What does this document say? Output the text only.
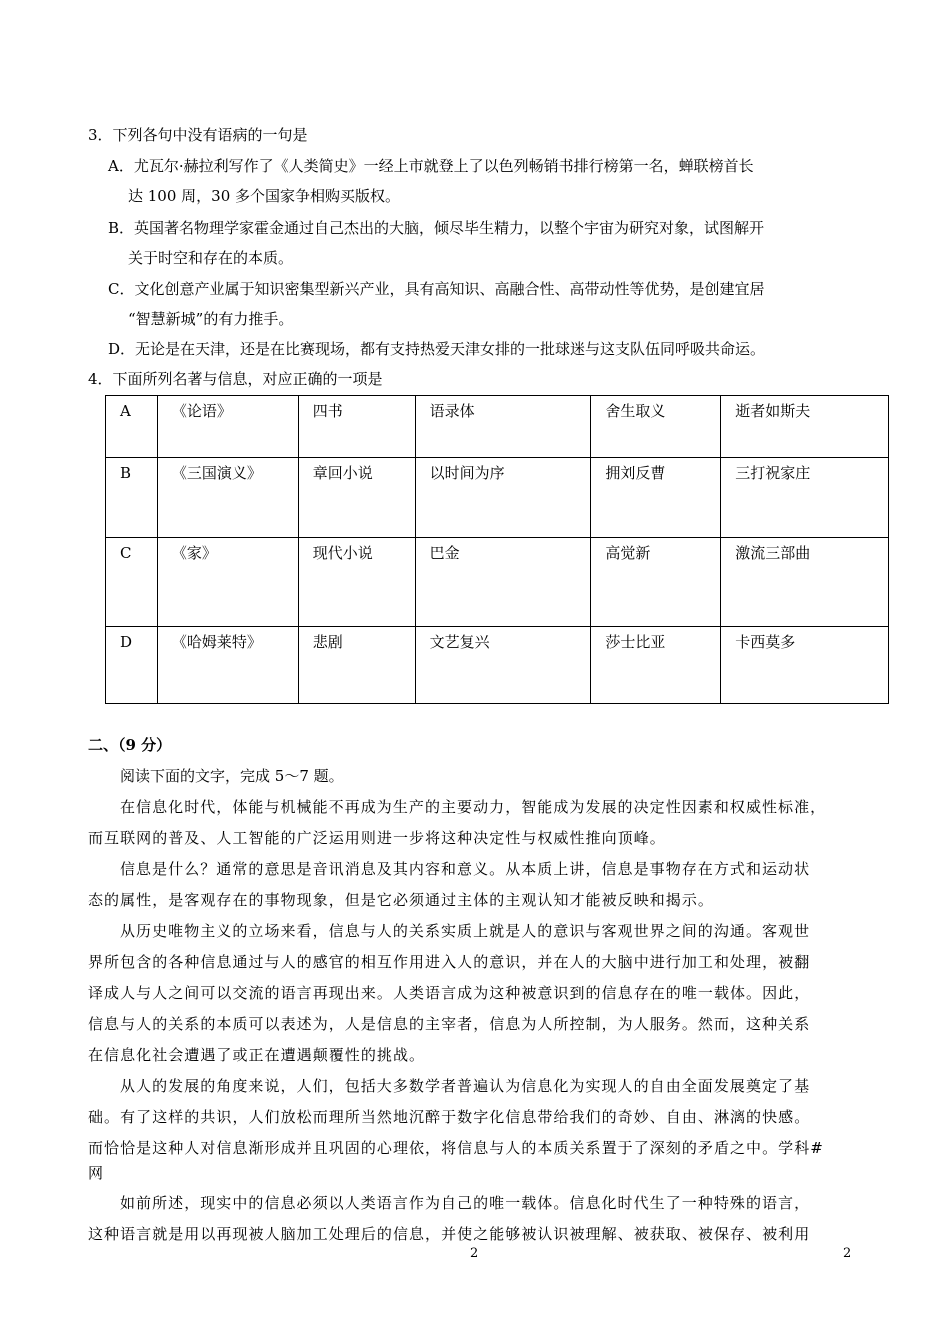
3．下列各句中没有语病的一句是
A．尤瓦尔·赫拉利写作了《人类简史》一经上市就登上了以色列畅销书排行榜第一名，蝉联榜首长
达 100 周，30 多个国家争相购买版权。
B．英国著名物理学家霍金通过自己杰出的大脑，倾尽毕生精力，以整个宇宙为研究对象，试图解开
关于时空和存在的本质。
C．文化创意产业属于知识密集型新兴产业，具有高知识、高融合性、高带动性等优势，是创建宜居
“智慧新城”的有力推手。
D．无论是在天津，还是在比赛现场，都有支持热爱天津女排的一批球迷与这支队伍同呼吸共命运。
4．下面所列名著与信息，对应正确的一项是
A	《论语》	四书	语录体	舍生取义	逝者如斯夫
B	《三国演义》	章回小说	以时间为序	拥刘反曹	三打祝家庄
C	《家》	现代小说	巴金	高觉新	激流三部曲
D	《哈姆莱特》	悲剧	文艺复兴	莎士比亚	卡西莫多
二、（9 分）
阅读下面的文字，完成 5～7 题。
在信息化时代，体能与机械能不再成为生产的主要动力，智能成为发展的决定性因素和权威性标准，
而互联网的普及、人工智能的广泛运用则进一步将这种决定性与权威性推向顶峰。
信息是什么？通常的意思是音讯消息及其内容和意义。从本质上讲，信息是事物存在方式和运动状
态的属性，是客观存在的事物现象，但是它必须通过主体的主观认知才能被反映和揭示。
从历史唯物主义的立场来看，信息与人的关系实质上就是人的意识与客观世界之间的沟通。客观世
界所包含的各种信息通过与人的感官的相互作用进入人的意识，并在人的大脑中进行加工和处理，被翻
译成人与人之间可以交流的语言再现出来。人类语言成为这种被意识到的信息存在的唯一载体。因此，
信息与人的关系的本质可以表述为，人是信息的主宰者，信息为人所控制，为人服务。然而，这种关系
在信息化社会遭遇了或正在遭遇颠覆性的挑战。
从人的发展的角度来说，人们，包括大多数学者普遍认为信息化为实现人的自由全面发展奠定了基
础。有了这样的共识，人们放松而理所当然地沉醉于数字化信息带给我们的奇妙、自由、淋漓的快感。
而恰恰是这种人对信息渐形成并且巩固的心理依，将信息与人的本质关系置于了深刻的矛盾之中。学科#
网
如前所述，现实中的信息必须以人类语言作为自己的唯一载体。信息化时代生了一种特殊的语言，
这种语言就是用以再现被人脑加工处理后的信息，并使之能够被认识被理解、被获取、被保存、被利用
2	2
